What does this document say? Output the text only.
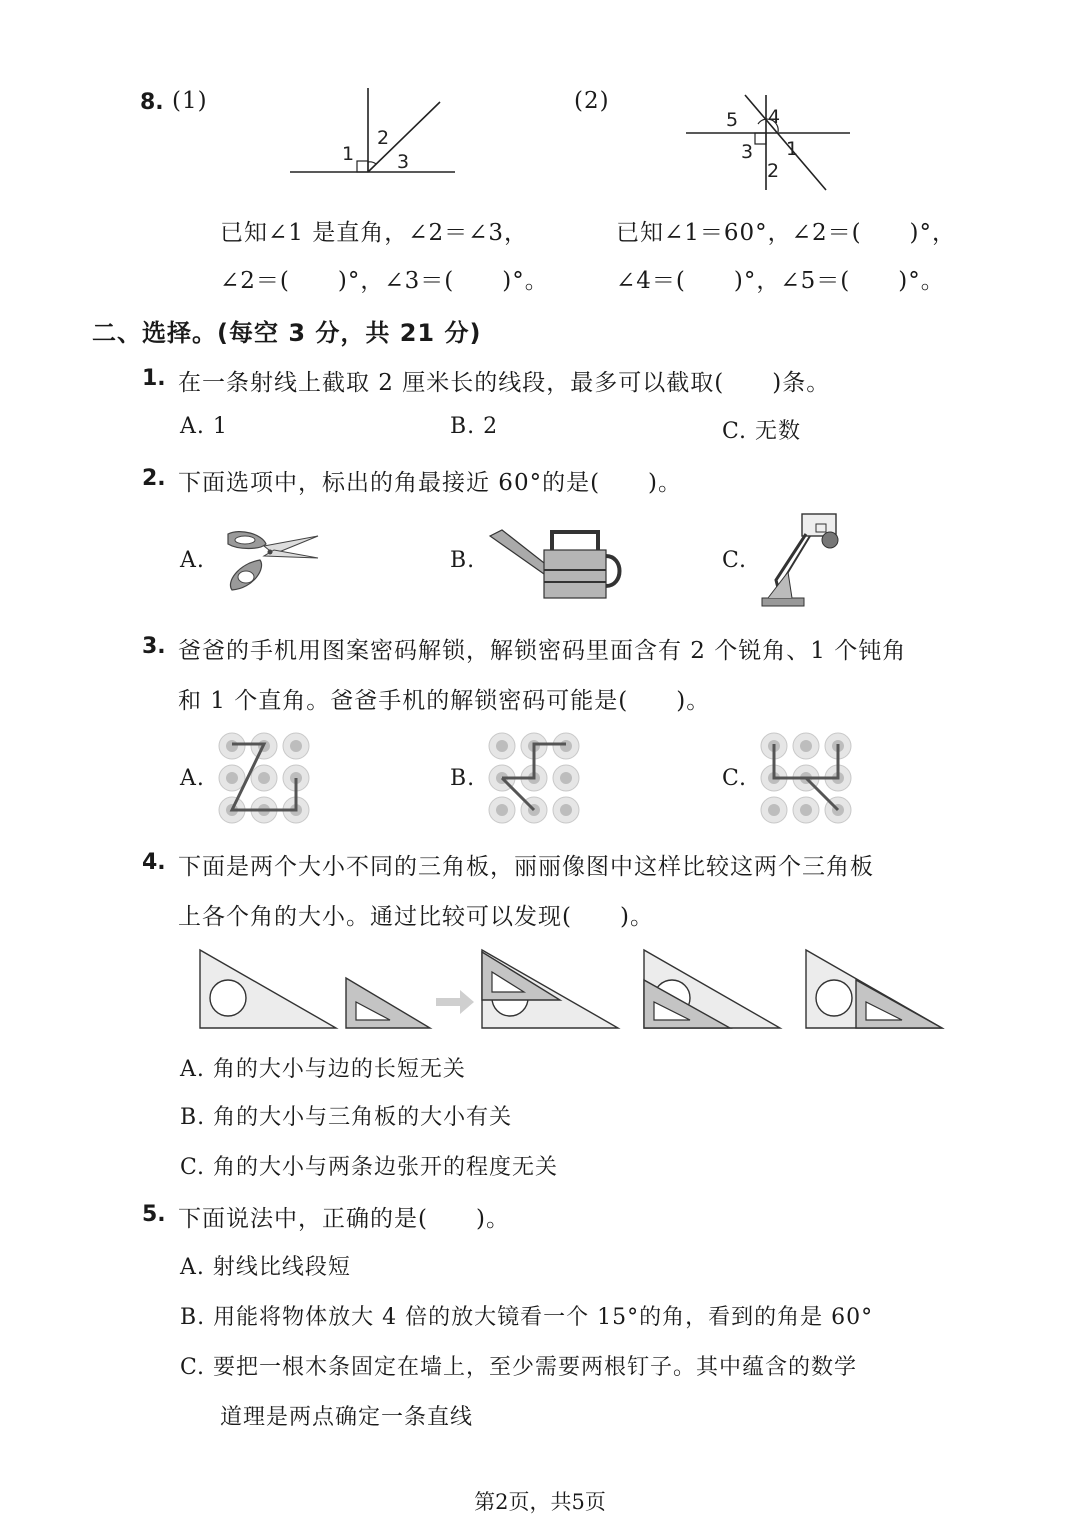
8. (1)
1
2
3
(2)
5 4
3 1
2
已知∠1 是直角，∠2＝∠3，
∠2＝(　　)°，∠3＝(　　)°。
已知∠1＝60°，∠2＝(　　)°，
∠4＝(　　)°，∠5＝(　　)°。
二、选择。(每空 3 分，共 21 分)
1. 在一条射线上截取 2 厘米长的线段，最多可以截取(　　)条。
A. 1	B. 2	C. 无数
2. 下面选项中，标出的角最接近 60°的是(　　)。
A.	B.	C.
3. 爸爸的手机用图案密码解锁，解锁密码里面含有 2 个锐角、1 个钝角
和 1 个直角。爸爸手机的解锁密码可能是(　　)。
A.	B.	C.
4. 下面是两个大小不同的三角板，丽丽像图中这样比较这两个三角板
上各个角的大小。通过比较可以发现(　　)。
A. 角的大小与边的长短无关
B. 角的大小与三角板的大小有关
C. 角的大小与两条边张开的程度无关
5. 下面说法中，正确的是(　　)。
A. 射线比线段短
B. 用能将物体放大 4 倍的放大镜看一个 15°的角，看到的角是 60°
C. 要把一根木条固定在墙上，至少需要两根钉子。其中蕴含的数学
道理是两点确定一条直线
第2页，共5页
